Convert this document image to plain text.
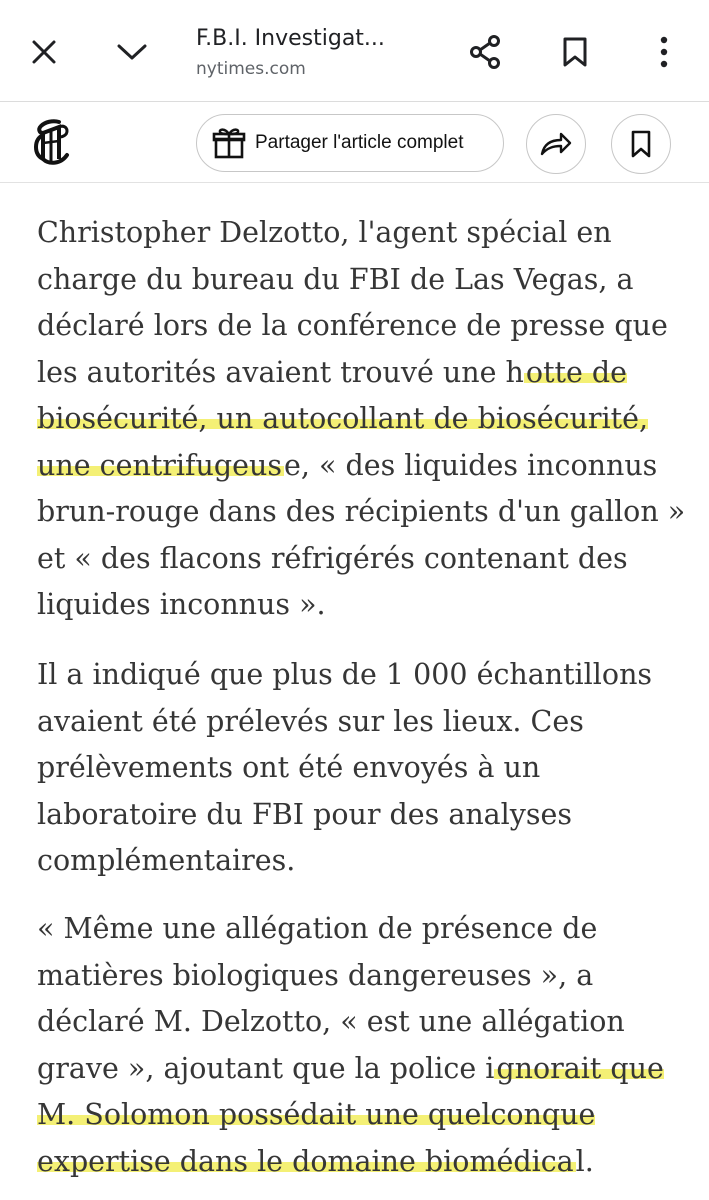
F.B.I. Investigat...
nytimes.com
Partager l'article complet

Christopher Delzotto, l'agent spécial en charge du bureau du FBI de Las Vegas, a déclaré lors de la conférence de presse que les autorités avaient trouvé une hotte de biosécurité, un autocollant de biosécurité, une centrifugeuse, « des liquides inconnus brun-rouge dans des récipients d'un gallon » et « des flacons réfrigérés contenant des liquides inconnus ».

Il a indiqué que plus de 1 000 échantillons avaient été prélevés sur les lieux. Ces prélèvements ont été envoyés à un laboratoire du FBI pour des analyses complémentaires.

« Même une allégation de présence de matières biologiques dangereuses », a déclaré M. Delzotto, « est une allégation grave », ajoutant que la police ignorait que M. Solomon possédait une quelconque expertise dans le domaine biomédical.
